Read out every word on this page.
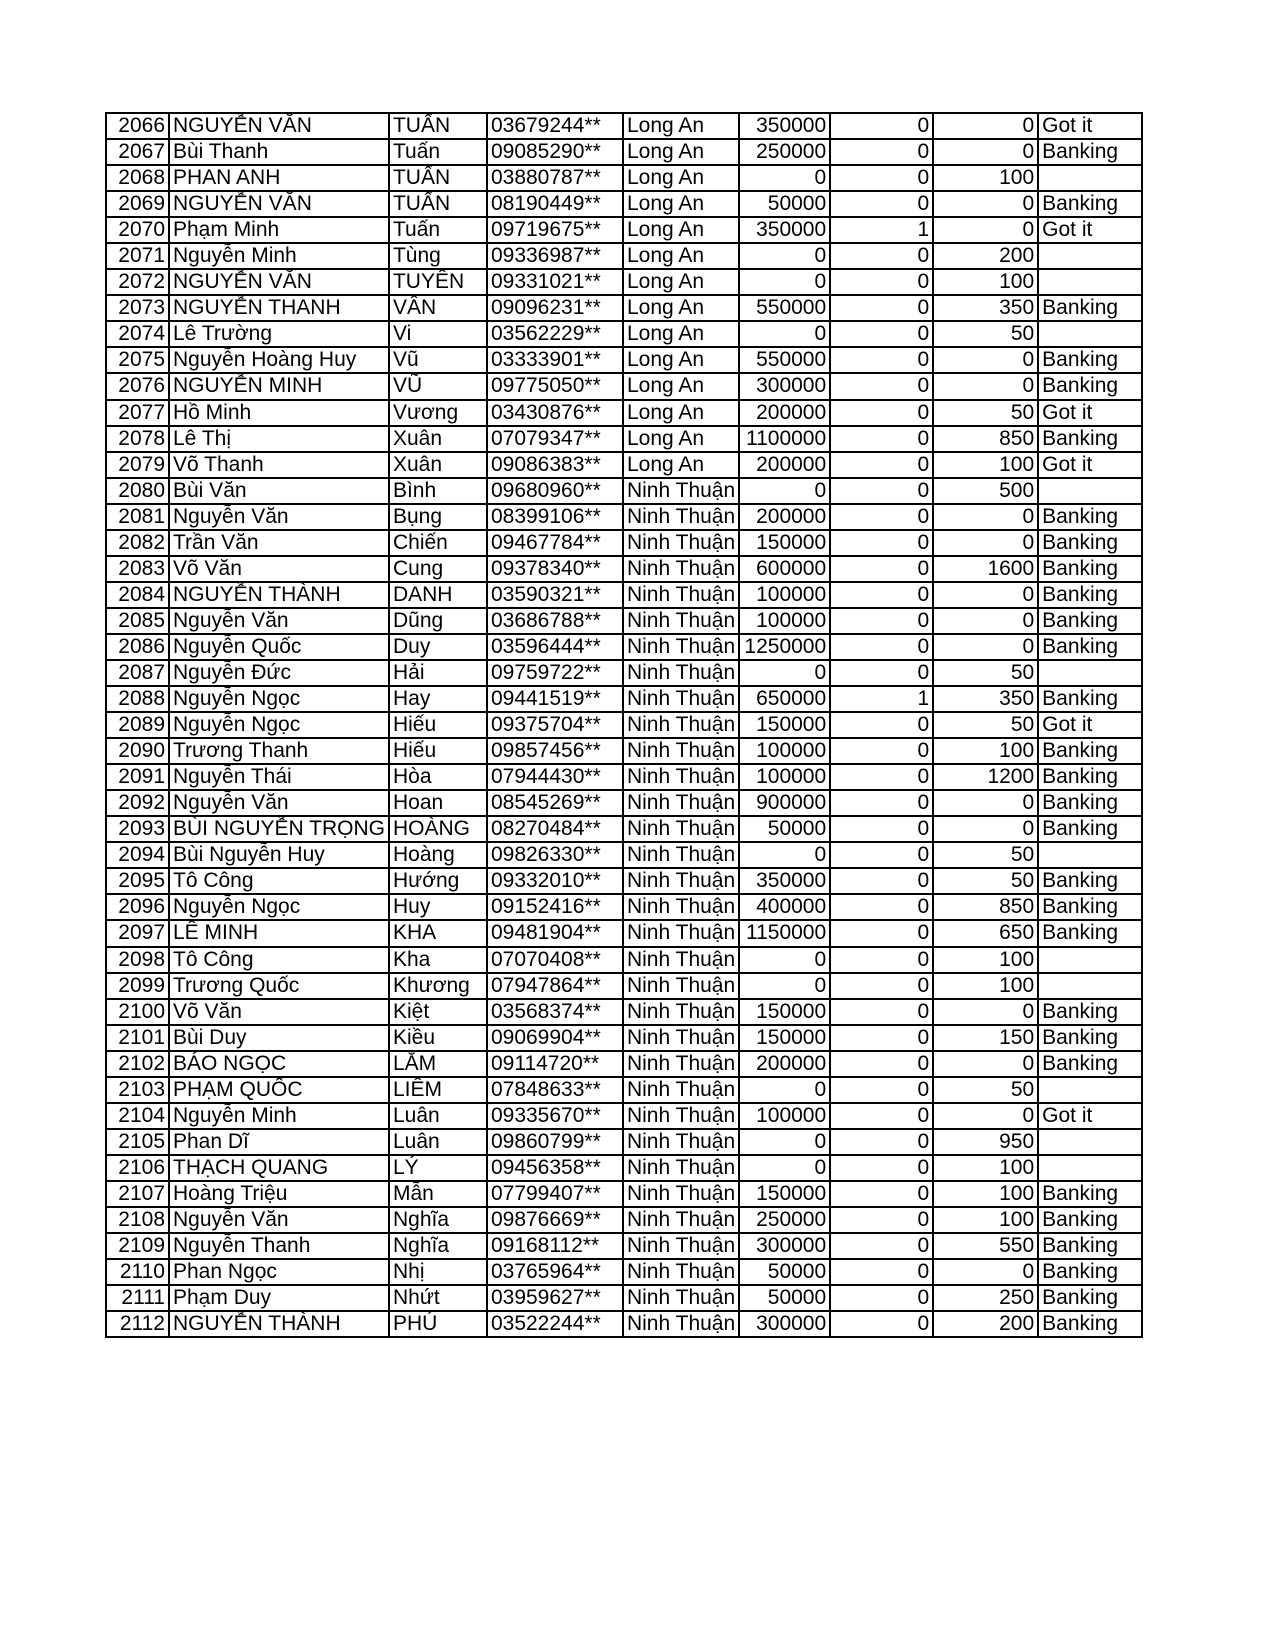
2066	NGUYỄN VĂN	TUẤN	03679244**	Long An	350000	0	0	Got it
2067	Bùi Thanh	Tuấn	09085290**	Long An	250000	0	0	Banking
2068	PHAN ANH	TUẤN	03880787**	Long An	0	0	100	
2069	NGUYỄN VĂN	TUẤN	08190449**	Long An	50000	0	0	Banking
2070	Phạm Minh	Tuấn	09719675**	Long An	350000	1	0	Got it
2071	Nguyễn Minh	Tùng	09336987**	Long An	0	0	200	
2072	NGUYỄN VĂN	TUYÊN	09331021**	Long An	0	0	100	
2073	NGUYỄN THANH	VÂN	09096231**	Long An	550000	0	350	Banking
2074	Lê Trường	Vi	03562229**	Long An	0	0	50	
2075	Nguyễn Hoàng Huy	Vũ	03333901**	Long An	550000	0	0	Banking
2076	NGUYỄN MINH	VŨ	09775050**	Long An	300000	0	0	Banking
2077	Hồ Minh	Vương	03430876**	Long An	200000	0	50	Got it
2078	Lê Thị	Xuân	07079347**	Long An	1100000	0	850	Banking
2079	Võ Thanh	Xuân	09086383**	Long An	200000	0	100	Got it
2080	Bùi Văn	Bình	09680960**	Ninh Thuận	0	0	500	
2081	Nguyễn Văn	Bụng	08399106**	Ninh Thuận	200000	0	0	Banking
2082	Trần Văn	Chiến	09467784**	Ninh Thuận	150000	0	0	Banking
2083	Võ Văn	Cung	09378340**	Ninh Thuận	600000	0	1600	Banking
2084	NGUYỄN THÀNH	DANH	03590321**	Ninh Thuận	100000	0	0	Banking
2085	Nguyễn Văn	Dũng	03686788**	Ninh Thuận	100000	0	0	Banking
2086	Nguyễn Quốc	Duy	03596444**	Ninh Thuận	1250000	0	0	Banking
2087	Nguyễn Đức	Hải	09759722**	Ninh Thuận	0	0	50	
2088	Nguyễn Ngọc	Hay	09441519**	Ninh Thuận	650000	1	350	Banking
2089	Nguyễn Ngọc	Hiếu	09375704**	Ninh Thuận	150000	0	50	Got it
2090	Trương Thanh	Hiếu	09857456**	Ninh Thuận	100000	0	100	Banking
2091	Nguyễn Thái	Hòa	07944430**	Ninh Thuận	100000	0	1200	Banking
2092	Nguyễn Văn	Hoan	08545269**	Ninh Thuận	900000	0	0	Banking
2093	BÙI NGUYỄN TRỌNG	HOÀNG	08270484**	Ninh Thuận	50000	0	0	Banking
2094	Bùi Nguyễn Huy	Hoàng	09826330**	Ninh Thuận	0	0	50	
2095	Tô Công	Hướng	09332010**	Ninh Thuận	350000	0	50	Banking
2096	Nguyễn Ngọc	Huy	09152416**	Ninh Thuận	400000	0	850	Banking
2097	LÊ MINH	KHA	09481904**	Ninh Thuận	1150000	0	650	Banking
2098	Tô Công	Kha	07070408**	Ninh Thuận	0	0	100	
2099	Trương Quốc	Khương	07947864**	Ninh Thuận	0	0	100	
2100	Võ Văn	Kiệt	03568374**	Ninh Thuận	150000	0	0	Banking
2101	Bùi Duy	Kiều	09069904**	Ninh Thuận	150000	0	150	Banking
2102	BÁO NGỌC	LẮM	09114720**	Ninh Thuận	200000	0	0	Banking
2103	PHẠM QUỐC	LIÊM	07848633**	Ninh Thuận	0	0	50	
2104	Nguyễn Minh	Luân	09335670**	Ninh Thuận	100000	0	0	Got it
2105	Phan Dĩ	Luân	09860799**	Ninh Thuận	0	0	950	
2106	THẠCH QUANG	LÝ	09456358**	Ninh Thuận	0	0	100	
2107	Hoàng Triệu	Mẫn	07799407**	Ninh Thuận	150000	0	100	Banking
2108	Nguyễn Văn	Nghĩa	09876669**	Ninh Thuận	250000	0	100	Banking
2109	Nguyễn Thanh	Nghĩa	09168112**	Ninh Thuận	300000	0	550	Banking
2110	Phan Ngọc	Nhị	03765964**	Ninh Thuận	50000	0	0	Banking
2111	Phạm Duy	Nhứt	03959627**	Ninh Thuận	50000	0	250	Banking
2112	NGUYỄN THÀNH	PHÚ	03522244**	Ninh Thuận	300000	0	200	Banking
